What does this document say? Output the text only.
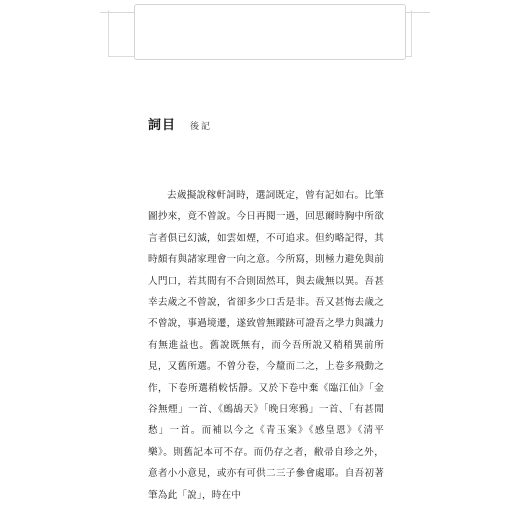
詞目 後記

去歲擬說稼軒詞時，選詞既定，曾有記如右。比筆圖抄來，竟不曾說。今日再閱一過，回思爾時胸中所欲言者俱已幻滅，如雲如煙，不可追求。但約略記得，其時頗有與諸家理會一向之意。今所寫，則極力避免與前人門口，若其間有不合則固然耳，與去歲無以異。吾甚幸去歲之不曾說，省卻多少口舌是非。吾又甚悔去歲之不曾說，事過境遷，遂致曾無蹤跡可證吾之學力與識力有無進益也。舊說既無有，而今吾所說又稍稍異前所見，又舊所選。不曾分卷，今釐而二之，上卷多飛動之作，下卷所選稍較恬靜。又於下卷中棄《臨江仙》「金谷無煙」一首、《鷓鴣天》「晚日寒鴉」一首、「有甚閒愁」一首。而補以今之《青玉案》《感皇恩》《清平樂》。則舊記本可不存。而仍存之者，敝帚自珍之外，意者小小意見，或亦有可供二三子參會處耶。自吾初著筆為此「說」，時在中
